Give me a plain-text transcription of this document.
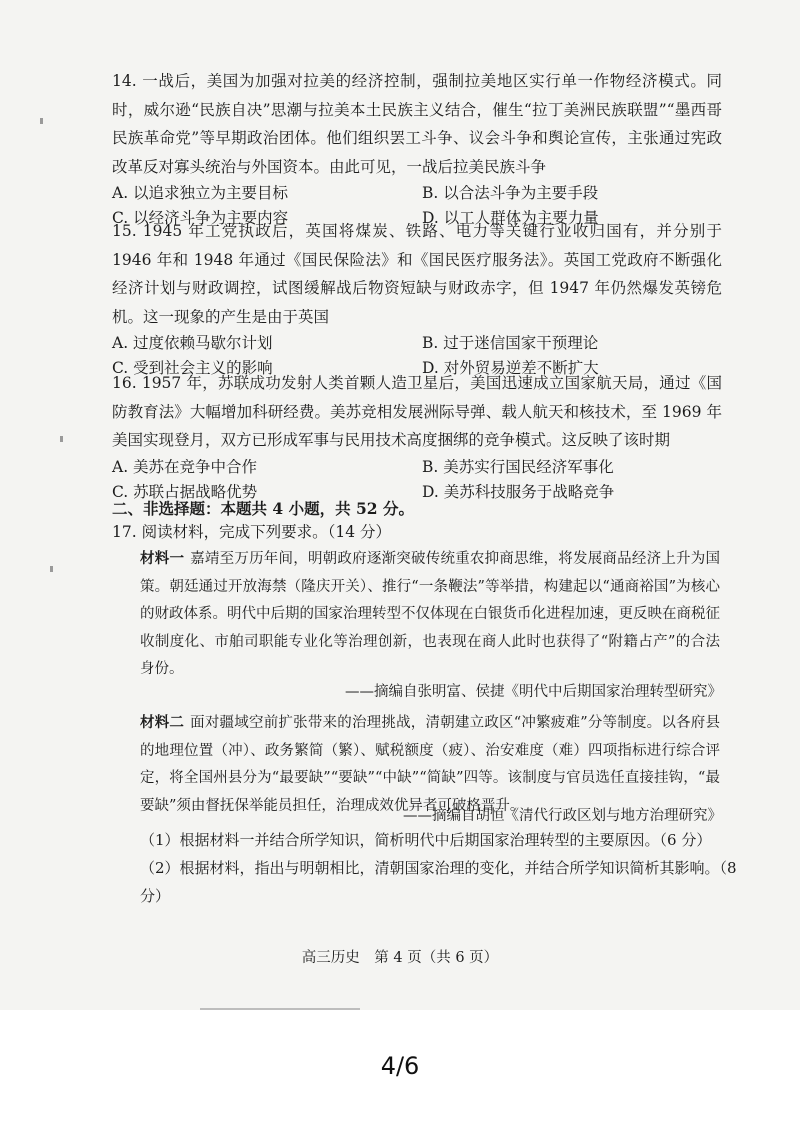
14. 一战后，美国为加强对拉美的经济控制，强制拉美地区实行单一作物经济模式。同时，威尔逊“民族自决”思潮与拉美本土民族主义结合，催生“拉丁美洲民族联盟”“墨西哥民族革命党”等早期政治团体。他们组织罢工斗争、议会斗争和舆论宣传，主张通过宪政改革反对寡头统治与外国资本。由此可见，一战后拉美民族斗争

A. 以追求独立为主要目标	B. 以合法斗争为主要手段
C. 以经济斗争为主要内容	D. 以工人群体为主要力量

15. 1945 年工党执政后，英国将煤炭、铁路、电力等关键行业收归国有，并分别于 1946 年和 1948 年通过《国民保险法》和《国民医疗服务法》。英国工党政府不断强化经济计划与财政调控，试图缓解战后物资短缺与财政赤字，但 1947 年仍然爆发英镑危机。这一现象的产生是由于英国

A. 过度依赖马歇尔计划	B. 过于迷信国家干预理论
C. 受到社会主义的影响	D. 对外贸易逆差不断扩大

16. 1957 年，苏联成功发射人类首颗人造卫星后，美国迅速成立国家航天局，通过《国防教育法》大幅增加科研经费。美苏竞相发展洲际导弹、载人航天和核技术，至 1969 年美国实现登月，双方已形成军事与民用技术高度捆绑的竞争模式。这反映了该时期

A. 美苏在竞争中合作	B. 美苏实行国民经济军事化
C. 苏联占据战略优势	D. 美苏科技服务于战略竞争
二、非选择题：本题共 4 小题，共 52 分。
17. 阅读材料，完成下列要求。（14 分）

材料一 嘉靖至万历年间，明朝政府逐渐突破传统重农抑商思维，将发展商品经济上升为国策。朝廷通过开放海禁（隆庆开关）、推行“一条鞭法”等举措，构建起以“通商裕国”为核心的财政体系。明代中后期的国家治理转型不仅体现在白银货币化进程加速，更反映在商税征收制度化、市舶司职能专业化等治理创新，也表现在商人此时也获得了“附籍占产”的合法身份。

——摘编自张明富、侯捷《明代中后期国家治理转型研究》

材料二 面对疆域空前扩张带来的治理挑战，清朝建立政区“冲繁疲难”分等制度。以各府县的地理位置（冲）、政务繁简（繁）、赋税额度（疲）、治安难度（难）四项指标进行综合评定，将全国州县分为“最要缺”“要缺”“中缺”“简缺”四等。该制度与官员选任直接挂钩，“最要缺”须由督抚保举能员担任，治理成效优异者可破格晋升。

——摘编自胡恒《清代行政区划与地方治理研究》

（1）根据材料一并结合所学知识，简析明代中后期国家治理转型的主要原因。（6 分）

（2）根据材料，指出与明朝相比，清朝国家治理的变化，并结合所学知识简析其影响。（8 分）

高三历史　第 4 页（共 6 页）
4/6
